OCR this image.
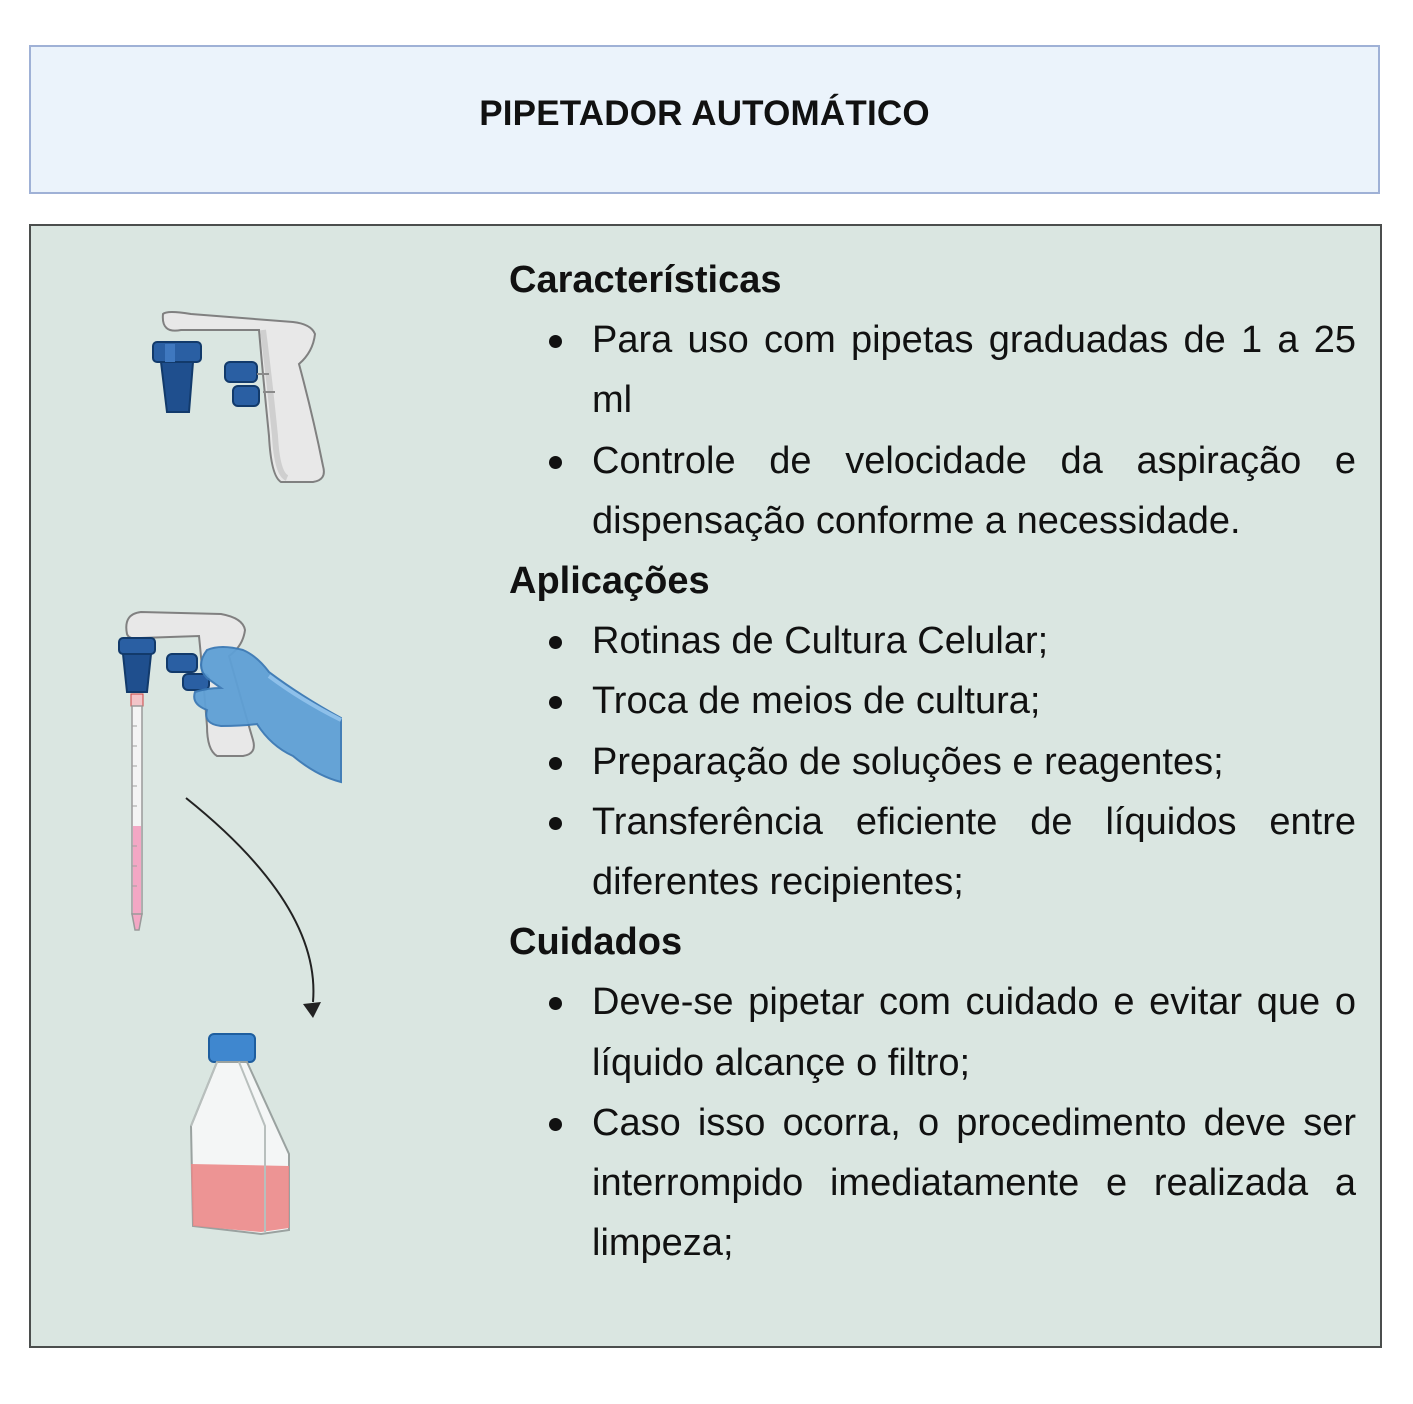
PIPETADOR AUTOMÁTICO

Características

Para uso com pipetas graduadas de 1 a 25 ml
Controle de velocidade da aspiração e dispensação conforme a necessidade.

Aplicações

Rotinas de Cultura Celular;
Troca de meios de cultura;
Preparação de soluções e reagentes;
Transferência eficiente de líquidos entre diferentes recipientes;

Cuidados

Deve-se pipetar com cuidado e evitar que o líquido alcançe o filtro;
Caso isso ocorra, o procedimento deve ser interrompido imediatamente e realizada a limpeza;
